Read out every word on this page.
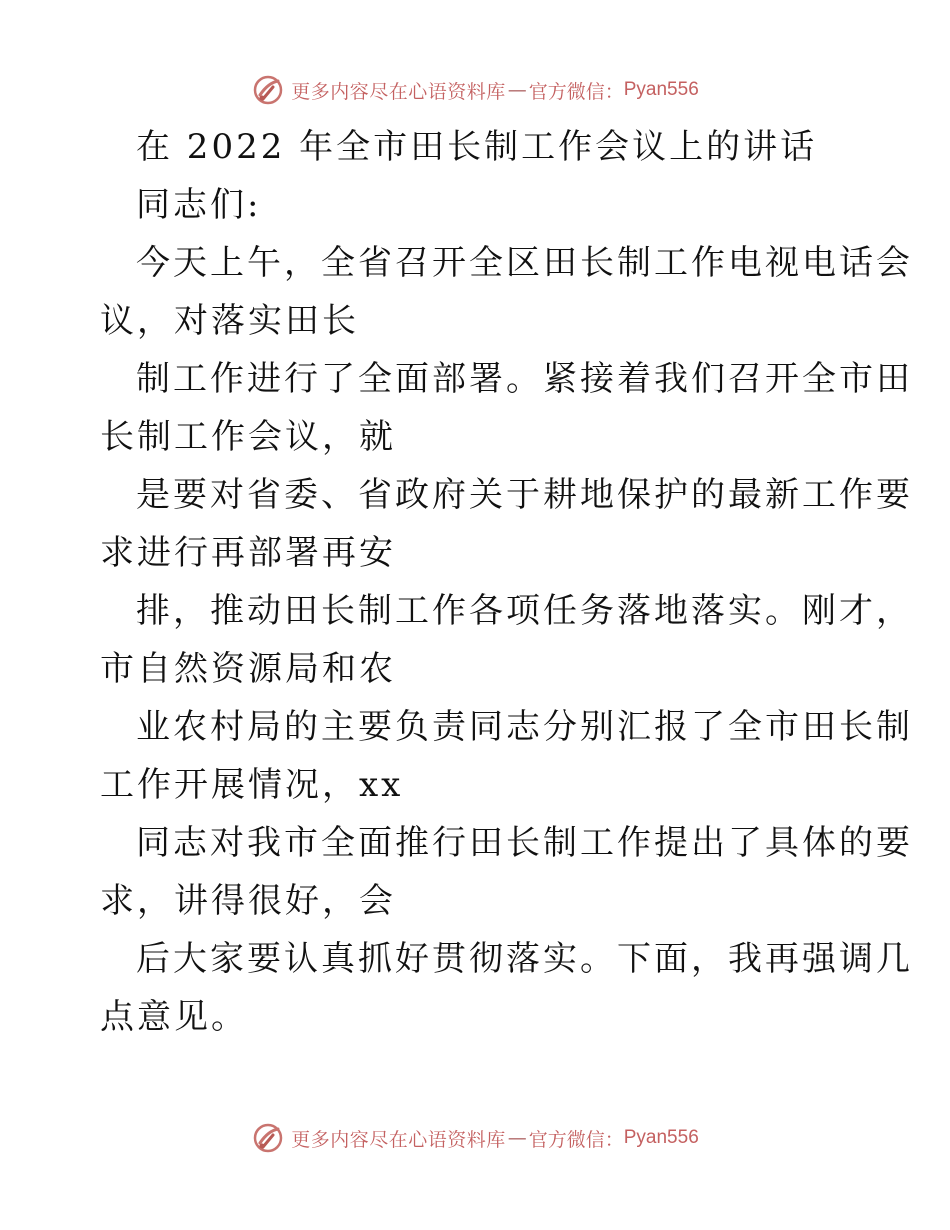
更多内容尽在心语资料库 — 官方微信： Pyan556
在 2022 年全市田长制工作会议上的讲话
同志们:
今天上午，全省召开全区田长制工作电视电话会
议，对落实田长
制工作进行了全面部署。紧接着我们召开全市田
长制工作会议，就
是要对省委、省政府关于耕地保护的最新工作要
求进行再部署再安
排，推动田长制工作各项任务落地落实。刚才，
市自然资源局和农
业农村局的主要负责同志分别汇报了全市田长制
工作开展情况，xx
同志对我市全面推行田长制工作提出了具体的要
求，讲得很好，会
后大家要认真抓好贯彻落实。下面，我再强调几
点意见。
更多内容尽在心语资料库 — 官方微信： Pyan556
